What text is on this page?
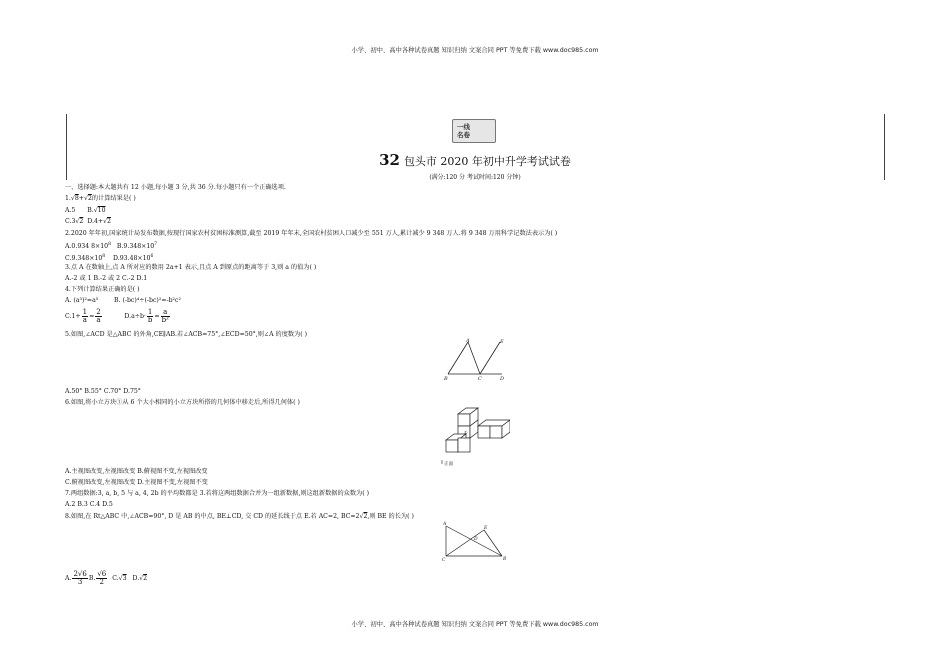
小学、初中、高中各种试卷真题 知识归纳 文案合同 PPT 等免费下载 www.doc985.com
小学、初中、高中各种试卷真题 知识归纳 文案合同 PPT 等免费下载 www.doc985.com
一线
名卷
32 包头市 2020 年初中升学考试试卷
(满分:120 分 考试时间:120 分钟)
一、选择题:本大题共有 12 小题,每小题 3 分,共 36 分.每小题只有一个正确选项.
1.√8+√2的计算结果是( )
A.5 B.√10
C.3√2 D.4+√2
2.2020 年年初,国家统计局发布数据,按现行国家农村贫困标准测算,截至 2019 年年末,全国农村贫困人口减少至 551 万人,累计减少 9 348 万人.将 9 348 万用科学记数法表示为( )
A.0.934 $8\times 10^8$ $B.9.348\times 10^7$
$C.9.348\times 10^8$ $D.93.48\times 10^6$
3.点 A 在数轴上,点 A 所对应的数用 2a+1 表示,且点 A 到原点的距离等于 3,则 a 的值为( )
A.-2 或 1 B.-2 或 2 C.-2 D.1
4.下列计算结果正确的是( )
A. (a³)²=a⁵	B. (-bc)⁴÷(-bc)²=-b²c²
$C.1+ \frac{1}{a} = \frac{2}{a}$	$D.a\div b\cdot \frac{1}{b} = \frac{a}{\text{b²}}$
5.如图,∠ACD 是△ABC 的外角,CE∥AB.若∠ACB=75°,∠ECD=50°,则∠A 的度数为( )
A	E
B	C	D
A.50° B.55° C.70° D.75°
6.如图,将小立方块①从 6 个大小相同的小立方块所搭的几何体中移走后,所得几何体( )
正面
①
A.主视图改变,左视图改变 B.俯视图不变,左视图改变
C.俯视图改变,左视图改变 D.主视图不变,左视图不变
7.两组数据:3, a, b, 5 与 a, 4, 2b 的平均数都是 3.若将这两组数据合并为一组新数据,则这组新数据的众数为( )
A.2 B.3 C.4 D.5
8.如图,在 Rt△ABC 中,∠ACB=90°, D 是 AB 的中点, BE⊥CD, 交 CD 的延长线于点 E.若 AC=2, BC=2√2,则 BE 的长为( )
A
C	B
D
E
A. $\frac{2√6}{3} B$. $\frac{√6}{2} C.√3$ D.√2
